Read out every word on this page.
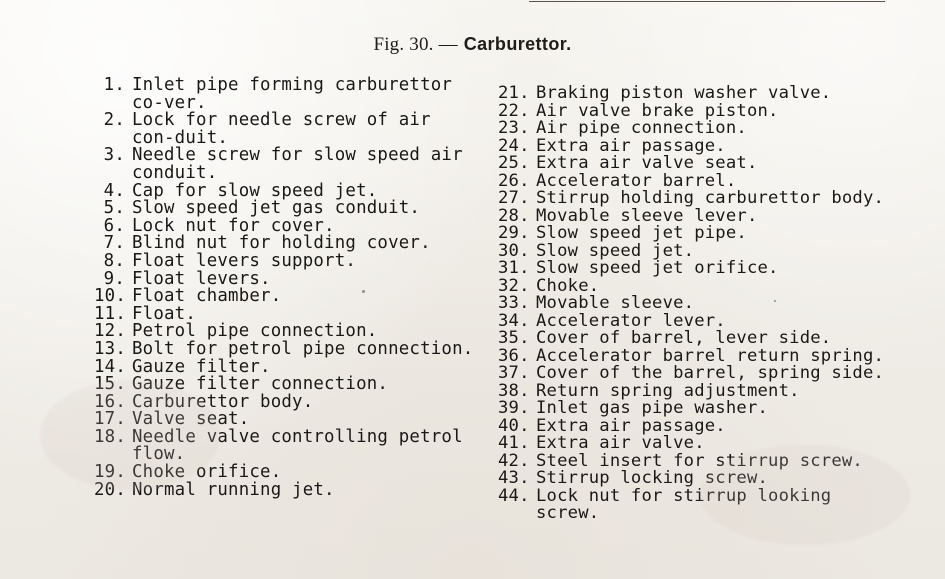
Fig. 30. — Carburettor.
1. Inlet pipe forming carburettor co-ver.
2. Lock for needle screw of air con-duit.
3. Needle screw for slow speed air conduit.
4. Cap for slow speed jet.
5. Slow speed jet gas conduit.
6. Lock nut for cover.
7. Blind nut for holding cover.
8. Float levers support.
9. Float levers.
10. Float chamber.
11. Float.
12. Petrol pipe connection.
13. Bolt for petrol pipe connection.
14. Gauze filter.
15. Gauze filter connection.
16. Carburettor body.
17. Valve seat.
18. Needle valve controlling petrol flow.
19. Choke orifice.
20. Normal running jet.
21. Braking piston washer valve.
22. Air valve brake piston.
23. Air pipe connection.
24. Extra air passage.
25. Extra air valve seat.
26. Accelerator barrel.
27. Stirrup holding carburettor body.
28. Movable sleeve lever.
29. Slow speed jet pipe.
30. Slow speed jet.
31. Slow speed jet orifice.
32. Choke.
33. Movable sleeve.
34. Accelerator lever.
35. Cover of barrel, lever side.
36. Accelerator barrel return spring.
37. Cover of the barrel, spring side.
38. Return spring adjustment.
39. Inlet gas pipe washer.
40. Extra air passage.
41. Extra air valve.
42. Steel insert for stirrup screw.
43. Stirrup locking screw.
44. Lock nut for stirrup looking screw.
